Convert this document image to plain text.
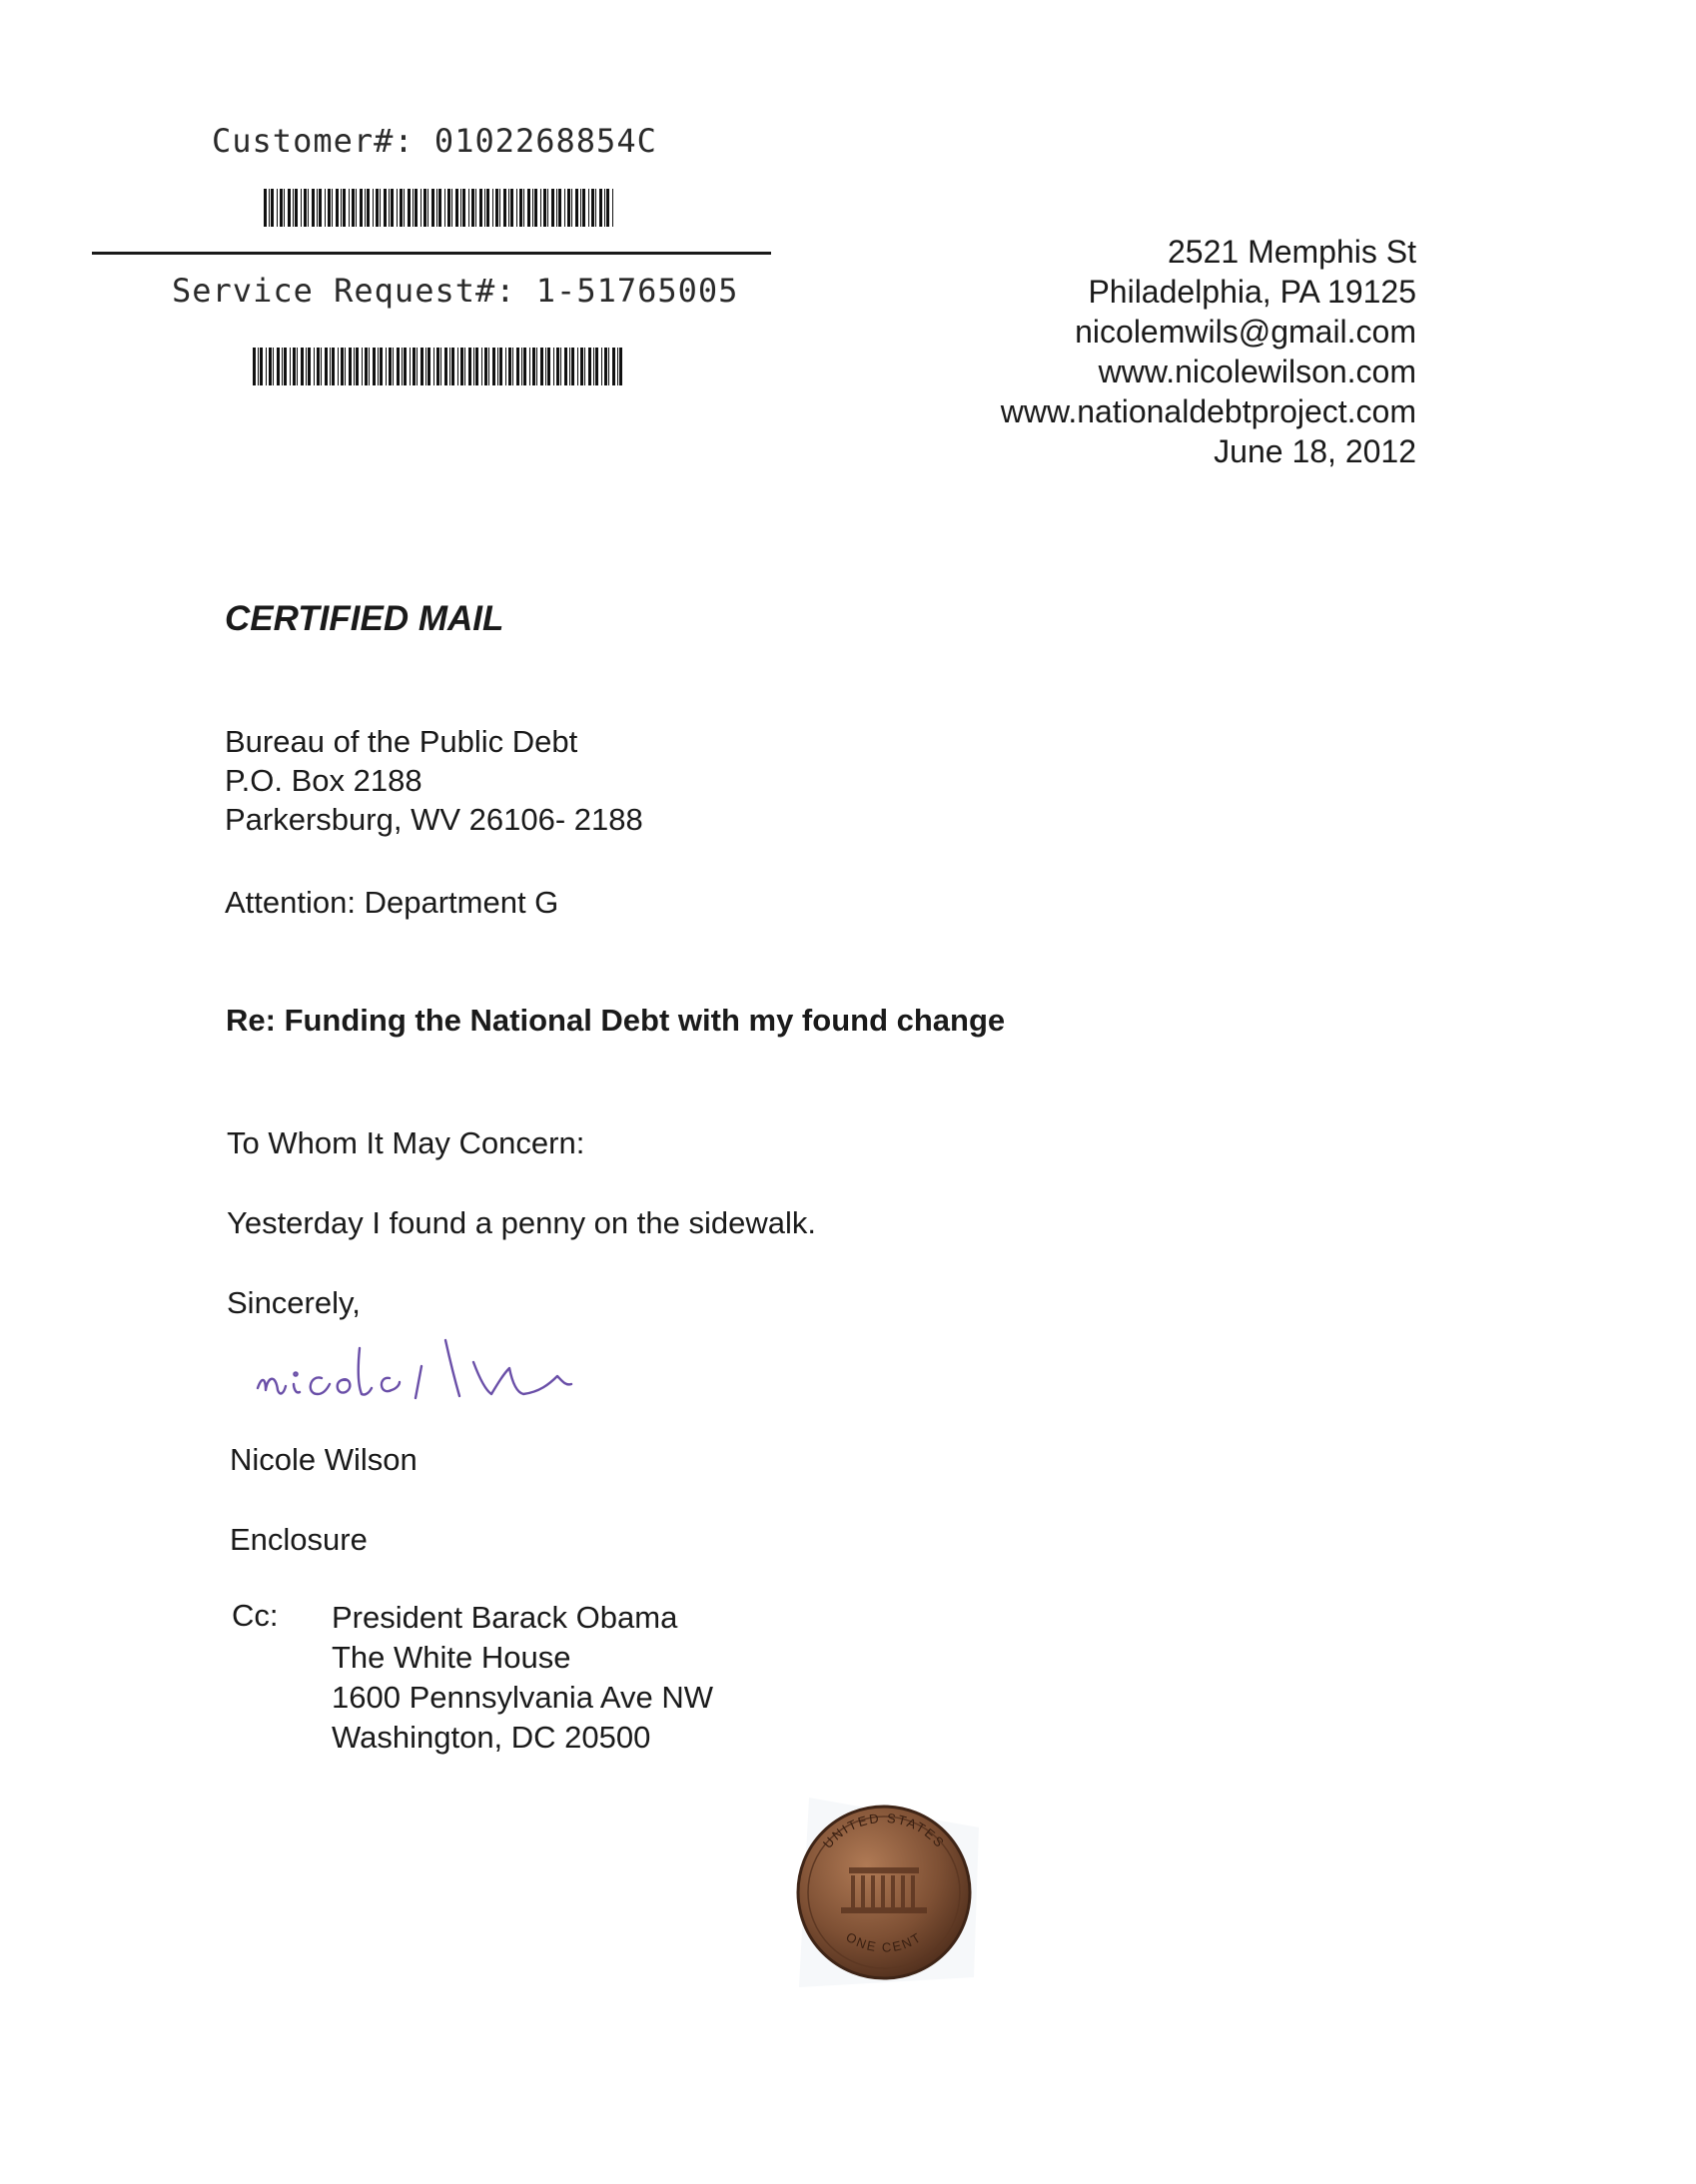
Customer#: 0102268854C
Service Request#: 1-51765005
2521 Memphis St
Philadelphia, PA 19125
nicolemwils@gmail.com
www.nicolewilson.com
www.nationaldebtproject.com
June 18, 2012
CERTIFIED MAIL
Bureau of the Public Debt
P.O. Box 2188
Parkersburg, WV 26106- 2188
Attention: Department G
Re: Funding the National Debt with my found change
To Whom It May Concern:
Yesterday I found a penny on the sidewalk.
Sincerely,
Nicole Wilson
Enclosure
Cc: President Barack Obama
The White House
1600 Pennsylvania Ave NW
Washington, DC 20500
UNITED STATES
ONE CENT
